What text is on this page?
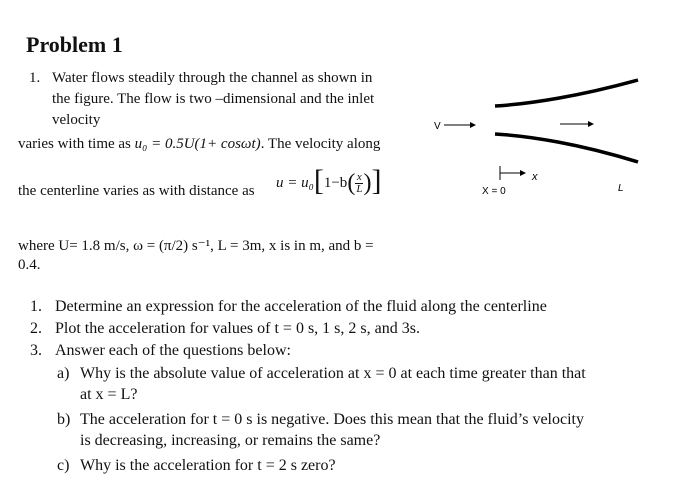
Problem 1
1. Water flows steadily through the channel as shown in
the figure. The flow is two –dimensional and the inlet
velocity
varies with time as u₀ = 0.5U(1+ cosωt). The velocity along
the centerline varies as with distance as $u = u_0[1-b( \frac{x}{L}$ )]
where U= 1.8 m/s, ω = (π/2) s⁻¹, L = 3m, x is in m, and b =
0.4.
V
x
X = 0	L
1. Determine an expression for the acceleration of the fluid along the centerline
2. Plot the acceleration for values of t = 0 s, 1 s, 2 s, and 3s.
3. Answer each of the questions below:
a) Why is the absolute value of acceleration at x = 0 at each time greater than that
at x = L?
b) The acceleration for t = 0 s is negative. Does this mean that the fluid’s velocity
is decreasing, increasing, or remains the same?
c) Why is the acceleration for t = 2 s zero?
